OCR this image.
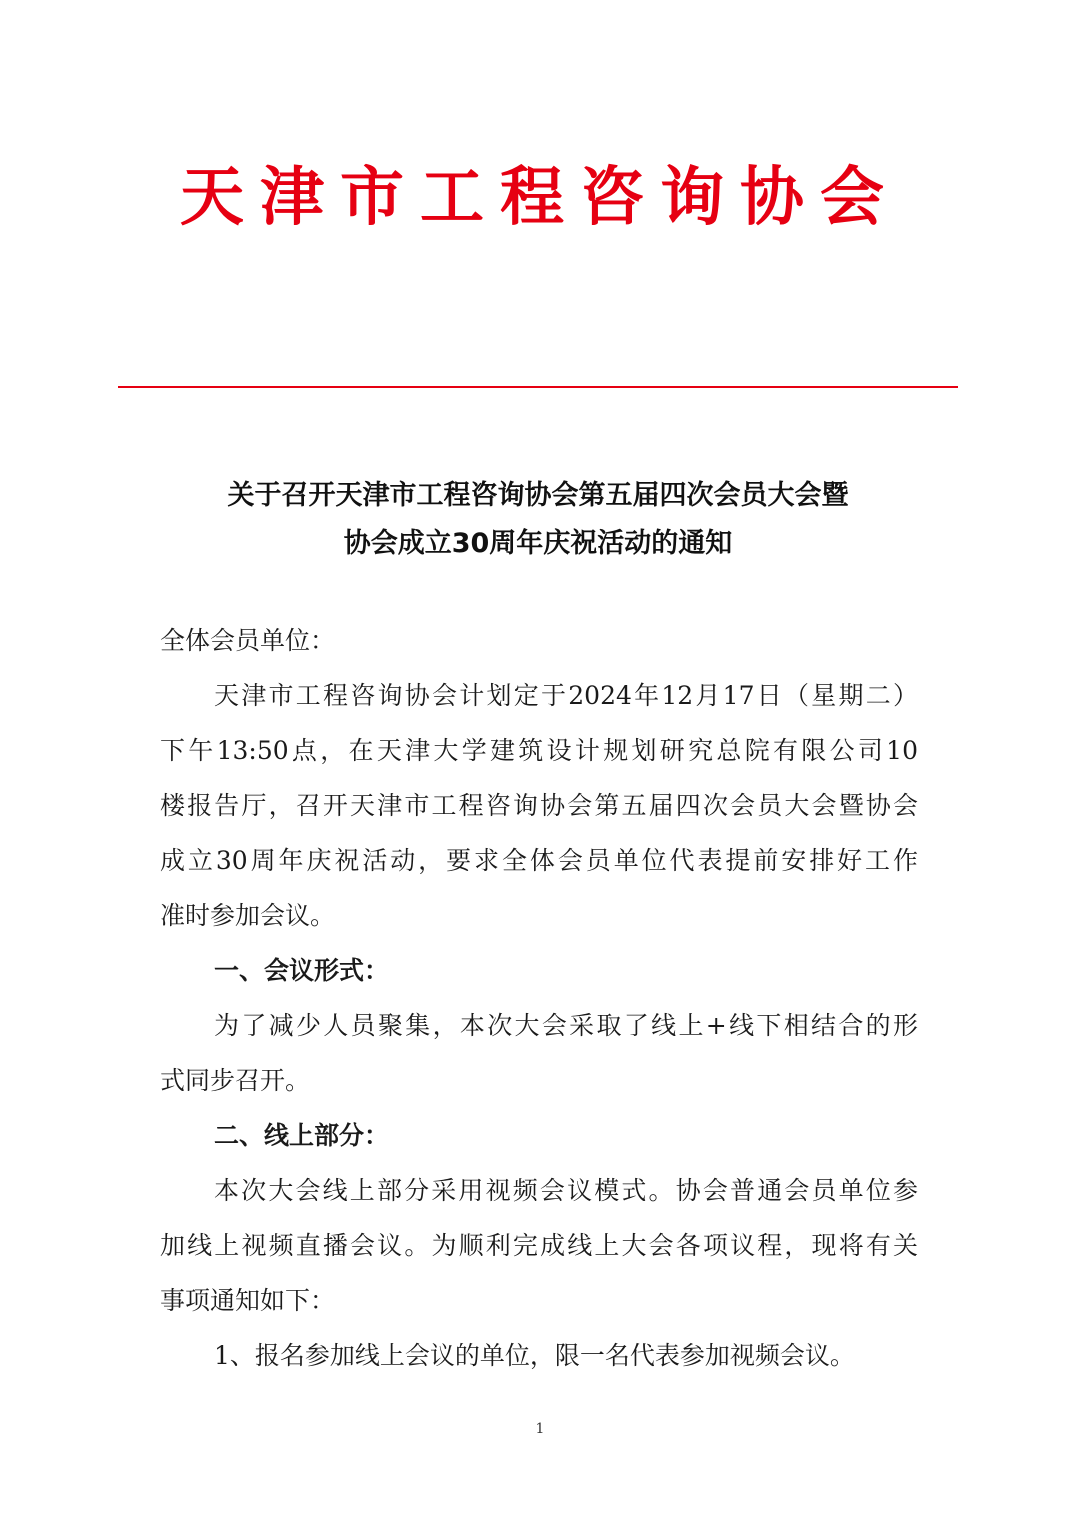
天津市工程咨询协会
关于召开天津市工程咨询协会第五届四次会员大会暨
协会成立30周年庆祝活动的通知
全体会员单位：
天津市工程咨询协会计划定于2024年12月17日（星期二）
下午13:50点，在天津大学建筑设计规划研究总院有限公司10
楼报告厅，召开天津市工程咨询协会第五届四次会员大会暨协会
成立30周年庆祝活动，要求全体会员单位代表提前安排好工作
准时参加会议。
一、会议形式：
为了减少人员聚集，本次大会采取了线上+线下相结合的形
式同步召开。
二、线上部分：
本次大会线上部分采用视频会议模式。协会普通会员单位参
加线上视频直播会议。为顺利完成线上大会各项议程，现将有关
事项通知如下：
1、报名参加线上会议的单位，限一名代表参加视频会议。
1
